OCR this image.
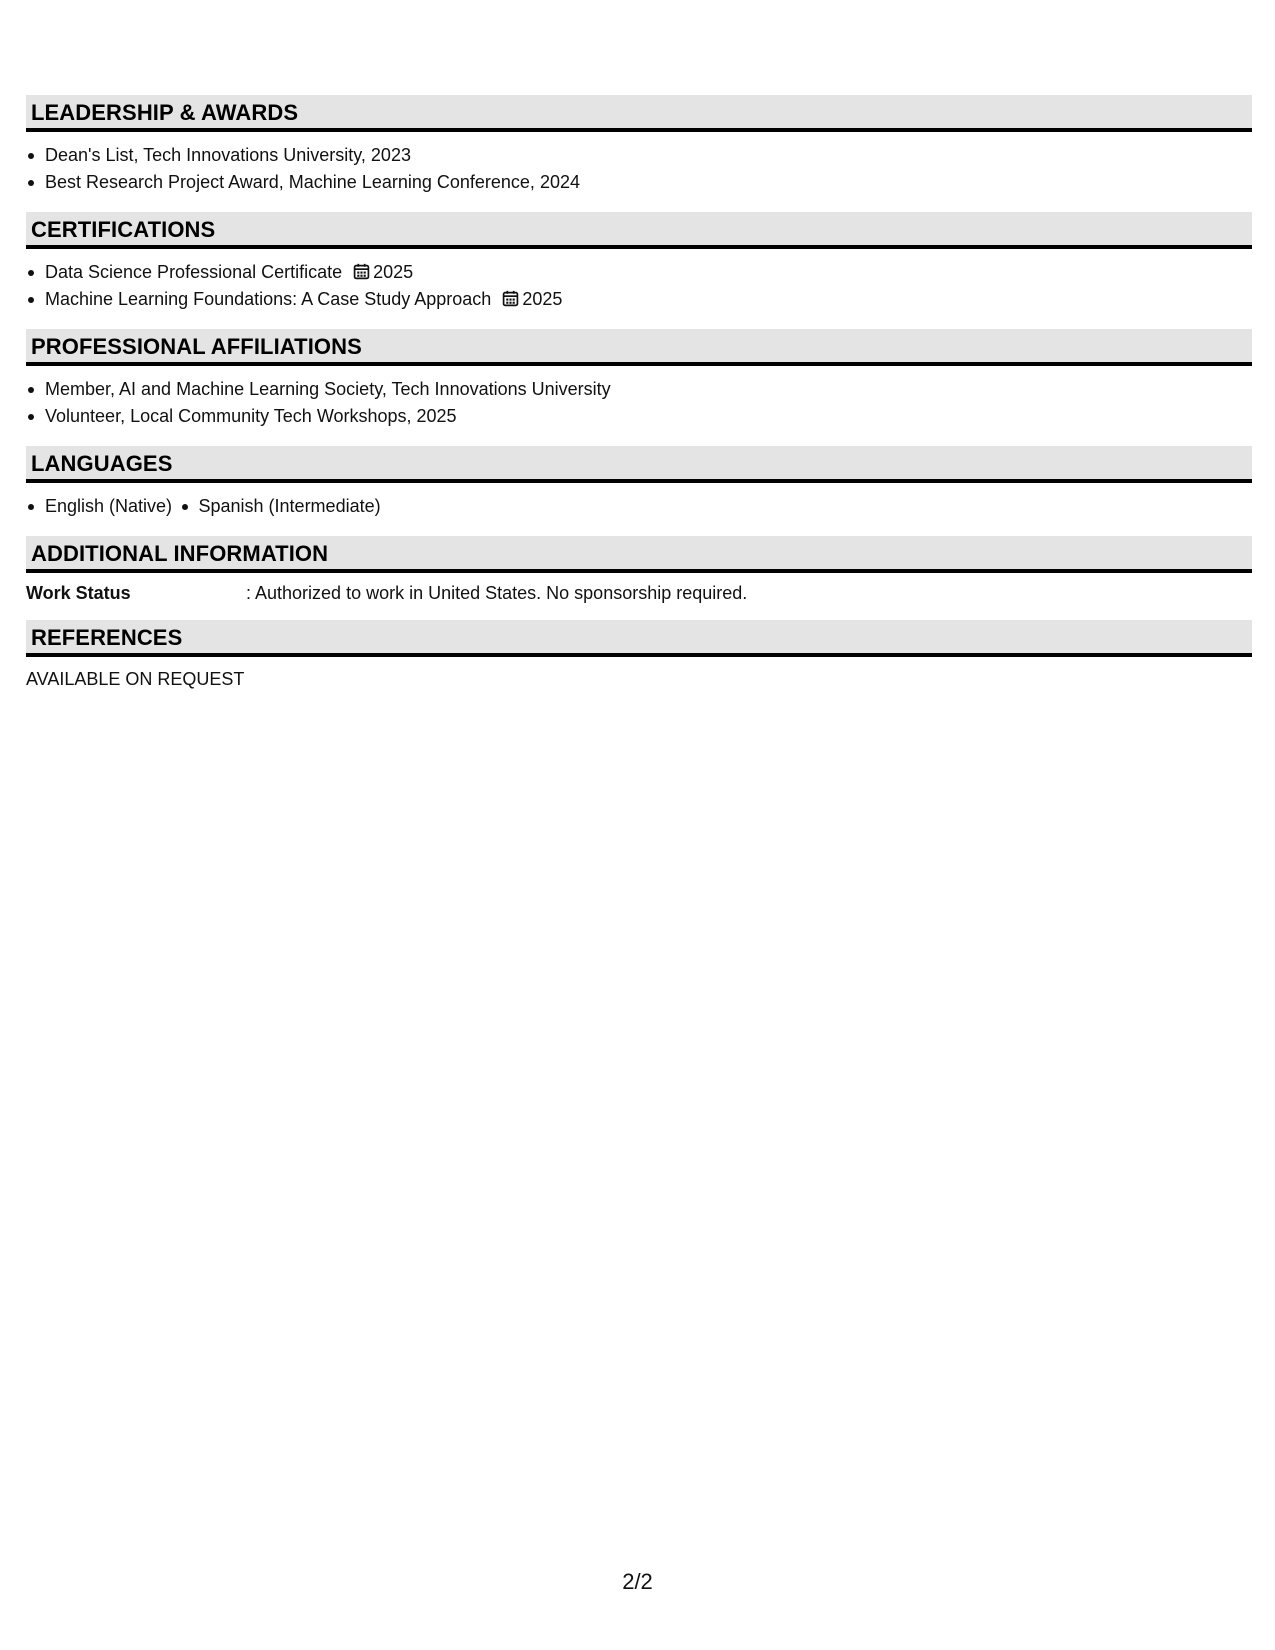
LEADERSHIP & AWARDS
Dean's List, Tech Innovations University, 2023
Best Research Project Award, Machine Learning Conference, 2024
CERTIFICATIONS
Data Science Professional Certificate 2025
Machine Learning Foundations: A Case Study Approach 2025
PROFESSIONAL AFFILIATIONS
Member, AI and Machine Learning Society, Tech Innovations University
Volunteer, Local Community Tech Workshops, 2025
LANGUAGES
English (Native) Spanish (Intermediate)
ADDITIONAL INFORMATION
Work Status	: Authorized to work in United States. No sponsorship required.
REFERENCES
AVAILABLE ON REQUEST
2/2
